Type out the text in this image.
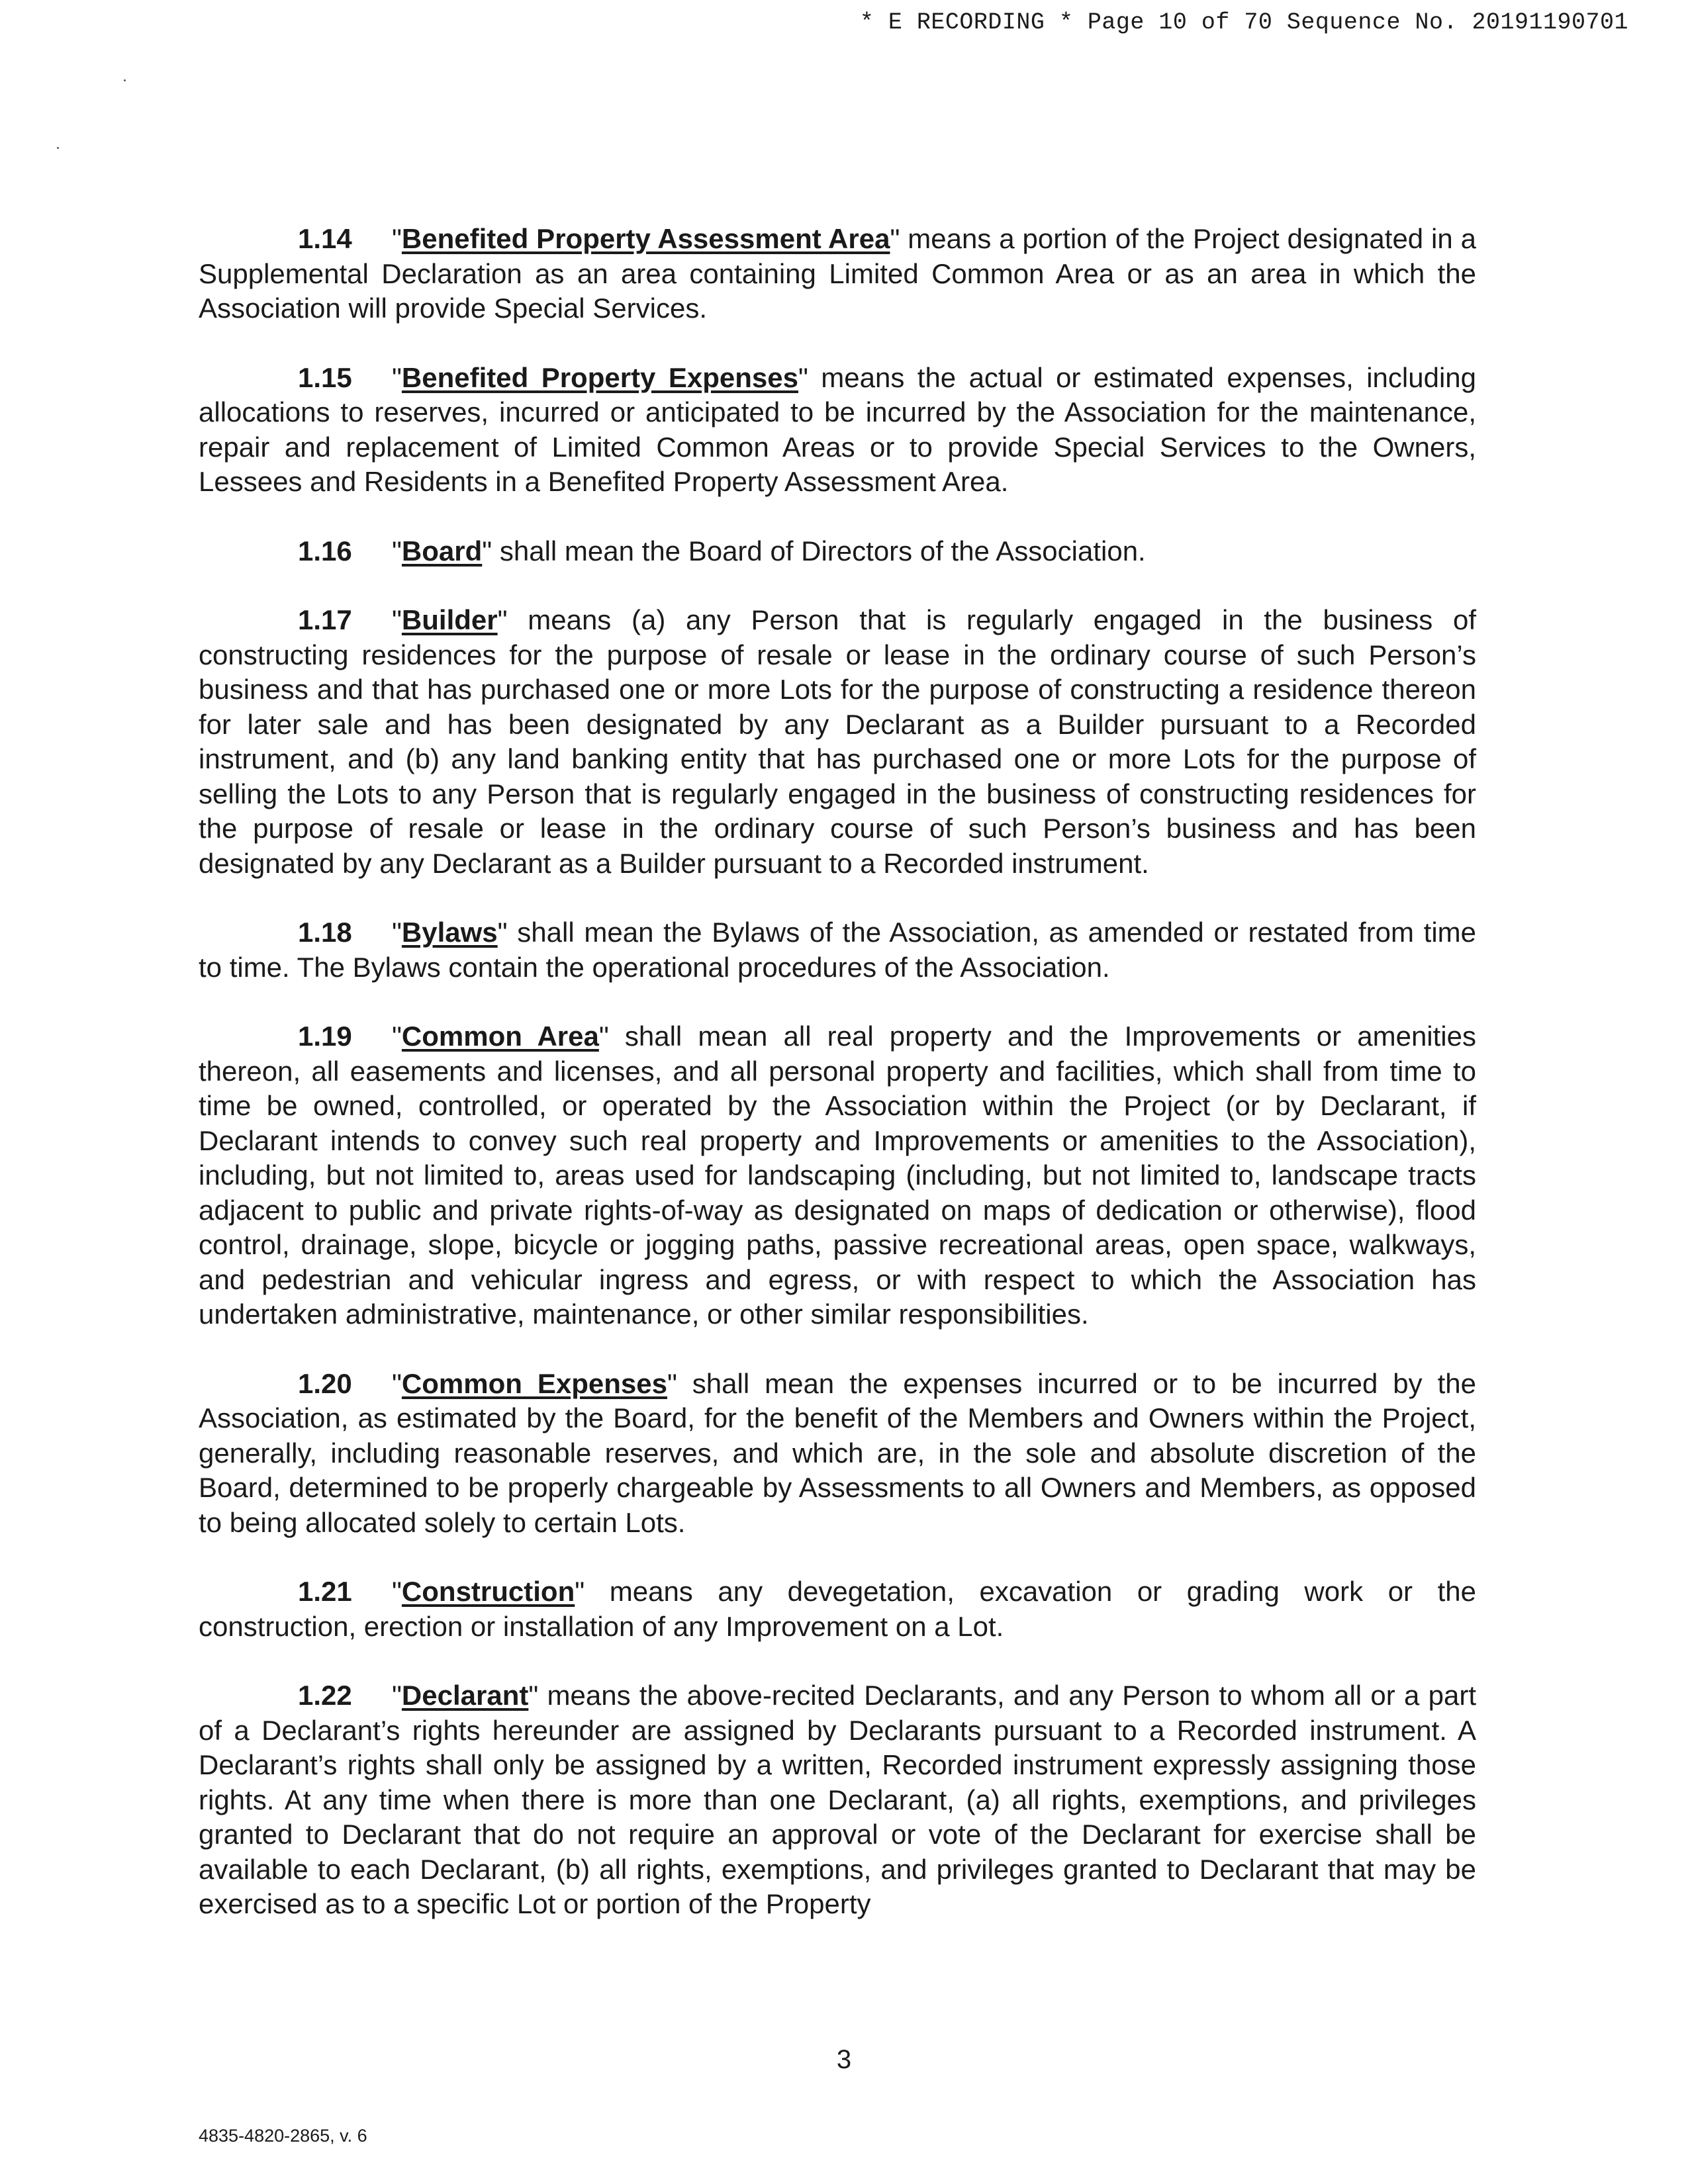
* E RECORDING * Page 10 of 70 Sequence No. 20191190701

1.14 "Benefited Property Assessment Area" means a portion of the Project designated in a Supplemental Declaration as an area containing Limited Common Area or as an area in which the Association will provide Special Services.

1.15 "Benefited Property Expenses" means the actual or estimated expenses, including allocations to reserves, incurred or anticipated to be incurred by the Association for the maintenance, repair and replacement of Limited Common Areas or to provide Special Services to the Owners, Lessees and Residents in a Benefited Property Assessment Area.

1.16 "Board" shall mean the Board of Directors of the Association.

1.17 "Builder" means (a) any Person that is regularly engaged in the business of constructing residences for the purpose of resale or lease in the ordinary course of such Person’s business and that has purchased one or more Lots for the purpose of constructing a residence thereon for later sale and has been designated by any Declarant as a Builder pursuant to a Recorded instrument, and (b) any land banking entity that has purchased one or more Lots for the purpose of selling the Lots to any Person that is regularly engaged in the business of constructing residences for the purpose of resale or lease in the ordinary course of such Person’s business and has been designated by any Declarant as a Builder pursuant to a Recorded instrument.

1.18 "Bylaws" shall mean the Bylaws of the Association, as amended or restated from time to time. The Bylaws contain the operational procedures of the Association.

1.19 "Common Area" shall mean all real property and the Improvements or amenities thereon, all easements and licenses, and all personal property and facilities, which shall from time to time be owned, controlled, or operated by the Association within the Project (or by Declarant, if Declarant intends to convey such real property and Improvements or amenities to the Association), including, but not limited to, areas used for landscaping (including, but not limited to, landscape tracts adjacent to public and private rights-of-way as designated on maps of dedication or otherwise), flood control, drainage, slope, bicycle or jogging paths, passive recreational areas, open space, walkways, and pedestrian and vehicular ingress and egress, or with respect to which the Association has undertaken administrative, maintenance, or other similar responsibilities.

1.20 "Common Expenses" shall mean the expenses incurred or to be incurred by the Association, as estimated by the Board, for the benefit of the Members and Owners within the Project, generally, including reasonable reserves, and which are, in the sole and absolute discretion of the Board, determined to be properly chargeable by Assessments to all Owners and Members, as opposed to being allocated solely to certain Lots.

1.21 "Construction" means any devegetation, excavation or grading work or the construction, erection or installation of any Improvement on a Lot.

1.22 "Declarant" means the above-recited Declarants, and any Person to whom all or a part of a Declarant’s rights hereunder are assigned by Declarants pursuant to a Recorded instrument. A Declarant’s rights shall only be assigned by a written, Recorded instrument expressly assigning those rights. At any time when there is more than one Declarant, (a) all rights, exemptions, and privileges granted to Declarant that do not require an approval or vote of the Declarant for exercise shall be available to each Declarant, (b) all rights, exemptions, and privileges granted to Declarant that may be exercised as to a specific Lot or portion of the Property

3
4835-4820-2865, v. 6
